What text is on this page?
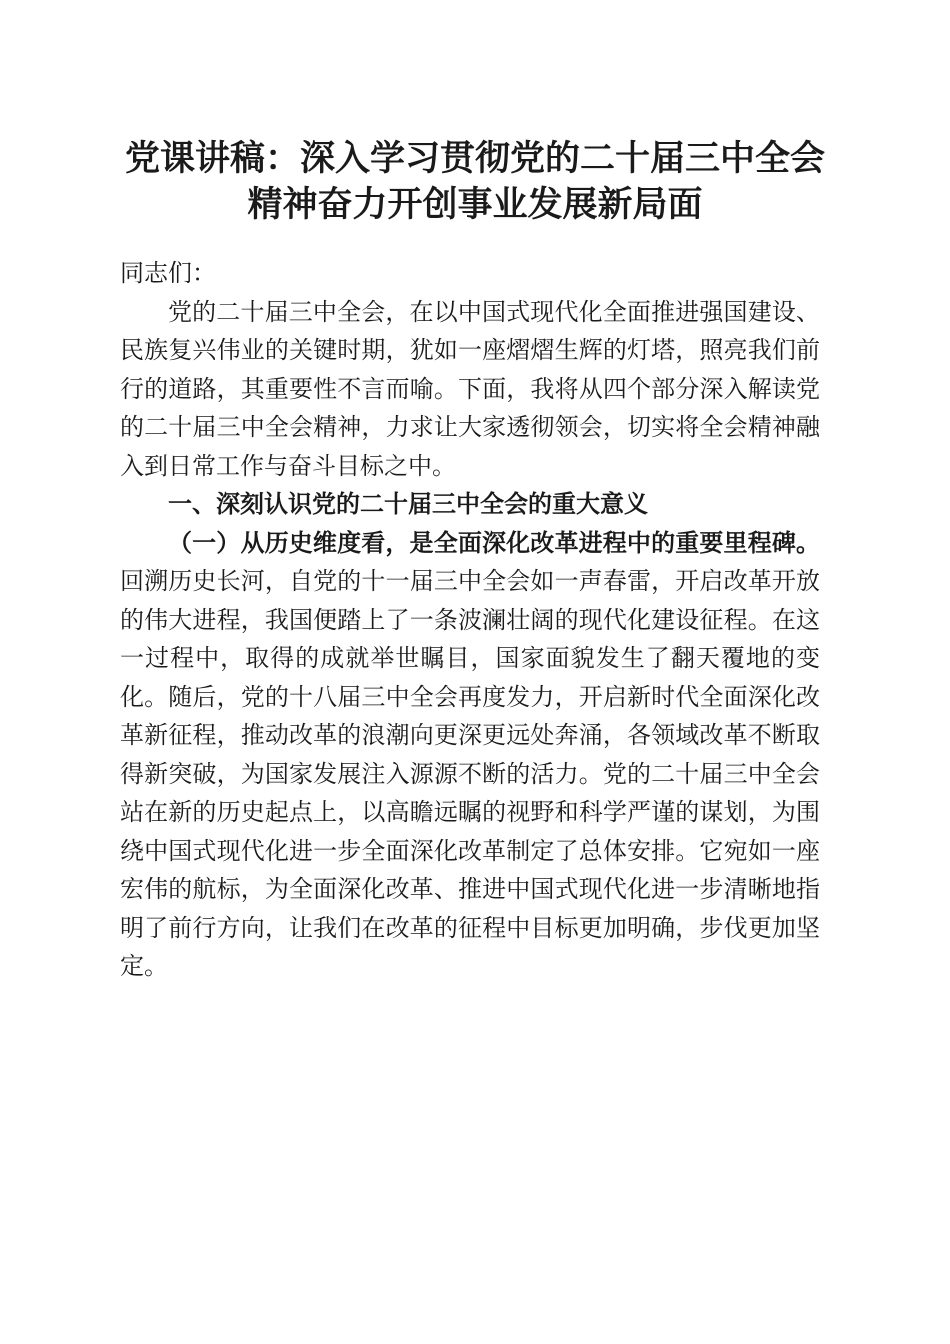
党课讲稿：深入学习贯彻党的二十届三中全会
精神奋力开创事业发展新局面

同志们：

党的二十届三中全会，在以中国式现代化全面推进强国建设、民族复兴伟业的关键时期，犹如一座熠熠生辉的灯塔，照亮我们前行的道路，其重要性不言而喻。下面，我将从四个部分深入解读党的二十届三中全会精神，力求让大家透彻领会，切实将全会精神融入到日常工作与奋斗目标之中。

一、深刻认识党的二十届三中全会的重大意义

（一）从历史维度看，是全面深化改革进程中的重要里程碑。回溯历史长河，自党的十一届三中全会如一声春雷，开启改革开放的伟大进程，我国便踏上了一条波澜壮阔的现代化建设征程。在这一过程中，取得的成就举世瞩目，国家面貌发生了翻天覆地的变化。随后，党的十八届三中全会再度发力，开启新时代全面深化改革新征程，推动改革的浪潮向更深更远处奔涌，各领域改革不断取得新突破，为国家发展注入源源不断的活力。党的二十届三中全会站在新的历史起点上，以高瞻远瞩的视野和科学严谨的谋划，为围绕中国式现代化进一步全面深化改革制定了总体安排。它宛如一座宏伟的航标，为全面深化改革、推进中国式现代化进一步清晰地指明了前行方向，让我们在改革的征程中目标更加明确，步伐更加坚定。
